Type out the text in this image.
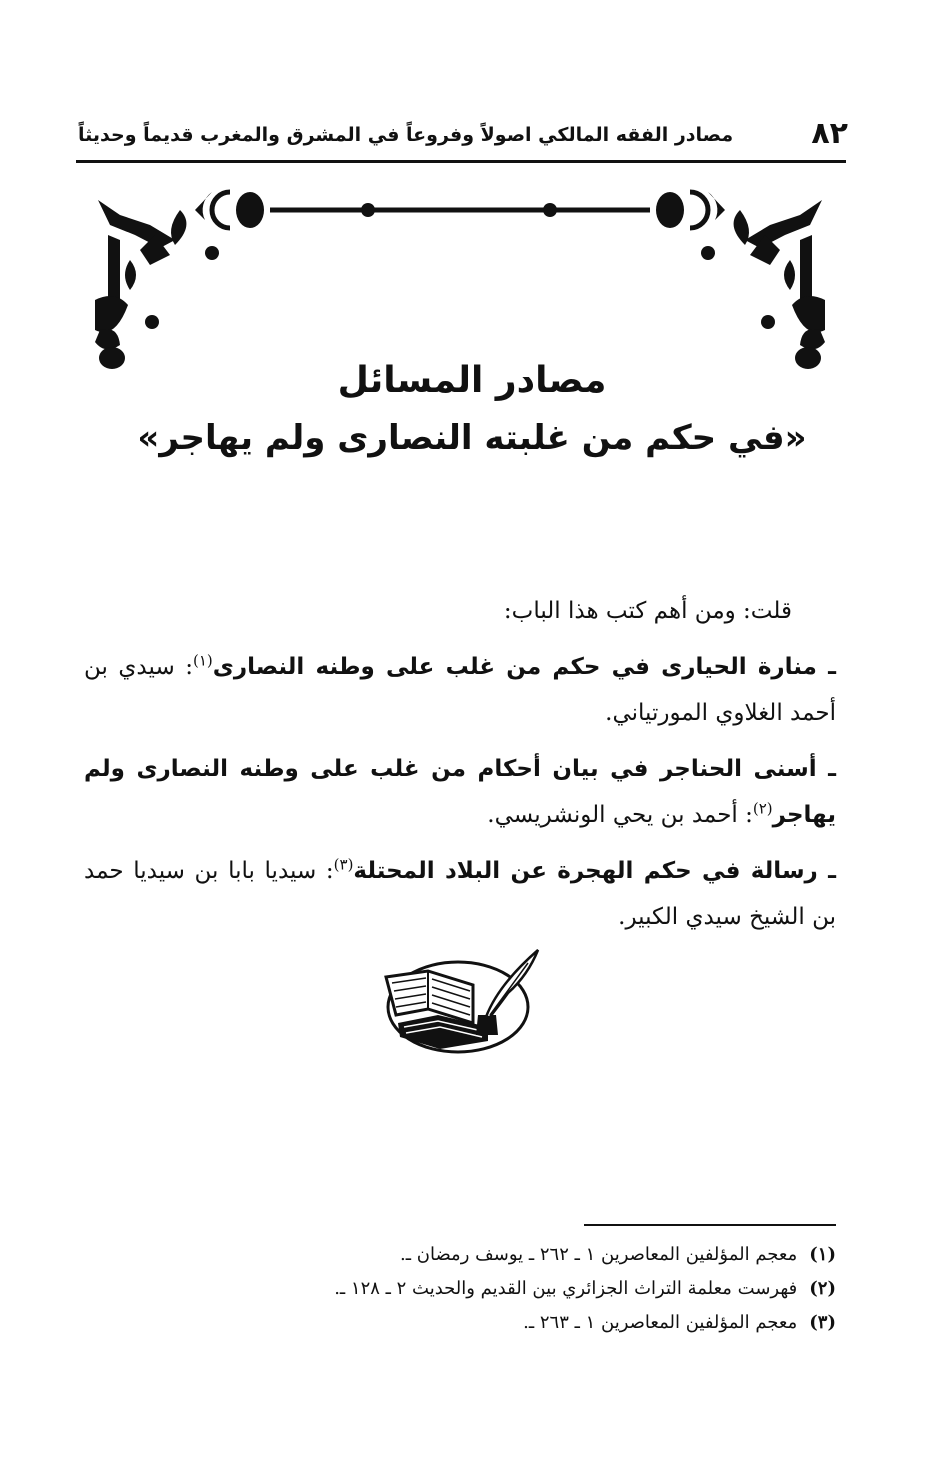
٨٢
مصادر الفقه المالكي اصولاً وفروعاً في المشرق والمغرب قديماً وحديثاً
مصادر المسائل
«في حكم من غلبته النصارى ولم يهاجر»

قلت: ومن أهم كتب هذا الباب:

ـ منارة الحيارى في حكم من غلب على وطنه النصارى$^{(١)}$: سيدي بن أحمد الغلاوي المورتياني.

ـ أسنى الحناجر في بيان أحكام من غلب على وطنه النصارى ولم يهاجر$^{(٢)}$: أحمد بن يحي الونشريسي.

ـ رسالة في حكم الهجرة عن البلاد المحتلة$^{(٣)}$: سيديا بابا بن سيديا حمد بن الشيخ سيدي الكبير.

(١)معجم المؤلفين المعاصرين ١ ـ ٢٦٢ ـ يوسف رمضان ـ.
(٢)فهرست معلمة التراث الجزائري بين القديم والحديث ٢ ـ ١٢٨ ـ.
(٣)معجم المؤلفين المعاصرين ١ ـ ٢٦٣ ـ.
